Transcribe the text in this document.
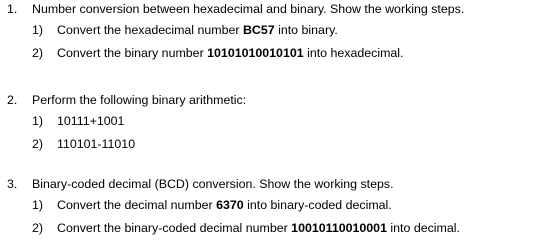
1. Number conversion between hexadecimal and binary. Show the working steps.
1) Convert the hexadecimal number BC57 into binary.
2) Convert the binary number 10101010010101 into hexadecimal.
2. Perform the following binary arithmetic:
1) 10111+1001
2) 110101-11010
3. Binary-coded decimal (BCD) conversion. Show the working steps.
1) Convert the decimal number 6370 into binary-coded decimal.
2) Convert the binary-coded decimal number 10010110010001 into decimal.
